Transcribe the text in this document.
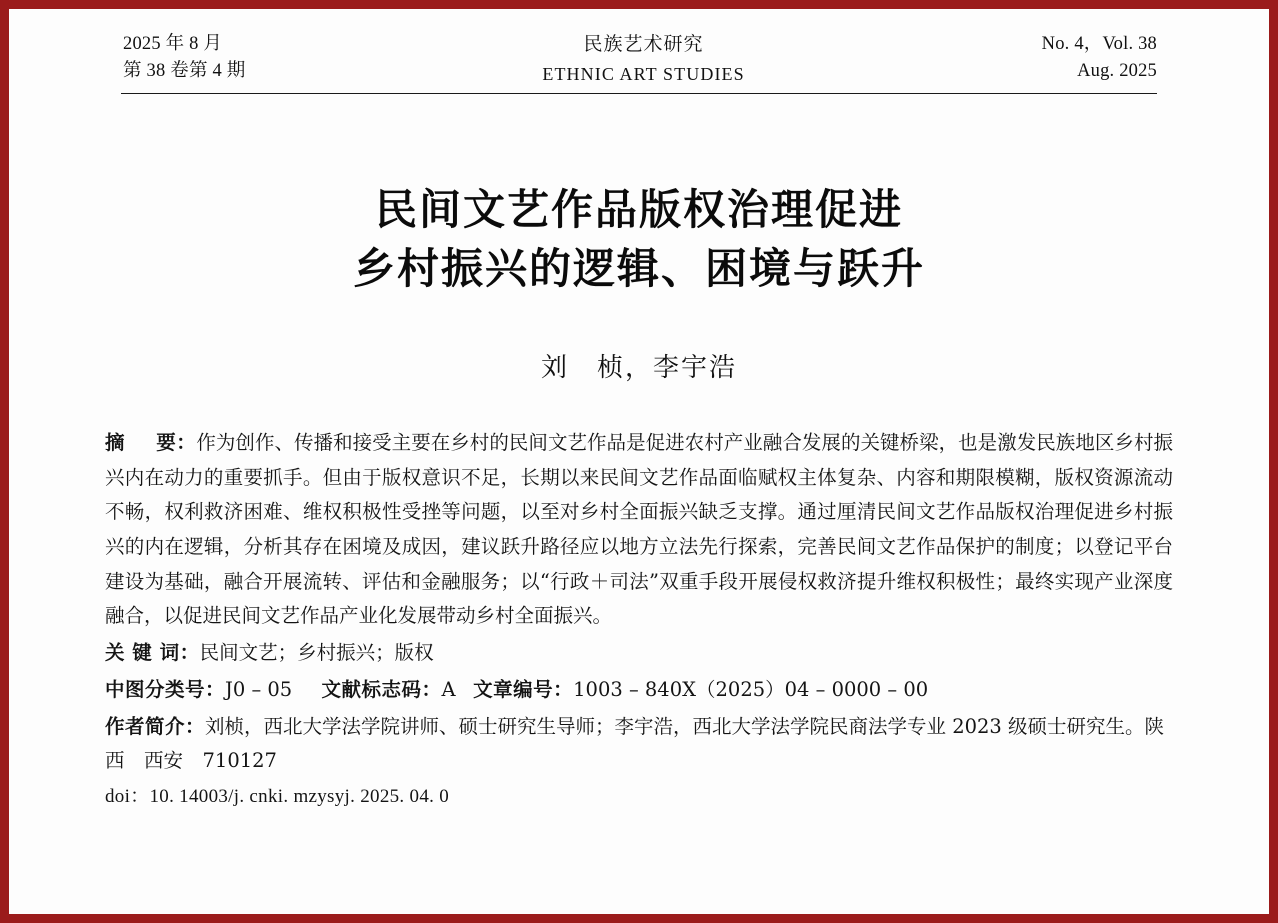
2025 年 8 月
第 38 卷第 4 期
民族艺术研究
ETHNIC ART STUDIES
No. 4，Vol. 38
Aug. 2025
民间文艺作品版权治理促进
乡村振兴的逻辑、困境与跃升
刘　桢，李宇浩
摘 要：作为创作、传播和接受主要在乡村的民间文艺作品是促进农村产业融合发展的关键桥梁，也是激发民族地区乡村振兴内在动力的重要抓手。但由于版权意识不足，长期以来民间文艺作品面临赋权主体复杂、内容和期限模糊，版权资源流动不畅，权利救济困难、维权积极性受挫等问题，以至对乡村全面振兴缺乏支撑。通过厘清民间文艺作品版权治理促进乡村振兴的内在逻辑，分析其存在困境及成因，建议跃升路径应以地方立法先行探索，完善民间文艺作品保护的制度；以登记平台建设为基础，融合开展流转、评估和金融服务；以“行政＋司法”双重手段开展侵权救济提升维权积极性；最终实现产业深度融合，以促进民间文艺作品产业化发展带动乡村全面振兴。
关 键 词：民间文艺；乡村振兴；版权
中图分类号：J0 – 05 文献标志码：A 文章编号：1003 – 840X（2025）04 – 0000 – 00
作者简介：刘桢，西北大学法学院讲师、硕士研究生导师；李宇浩，西北大学法学院民商法学专业 2023 级硕士研究生。陕西　西安　710127
doi：10. 14003/j. cnki. mzysyj. 2025. 04. 0
